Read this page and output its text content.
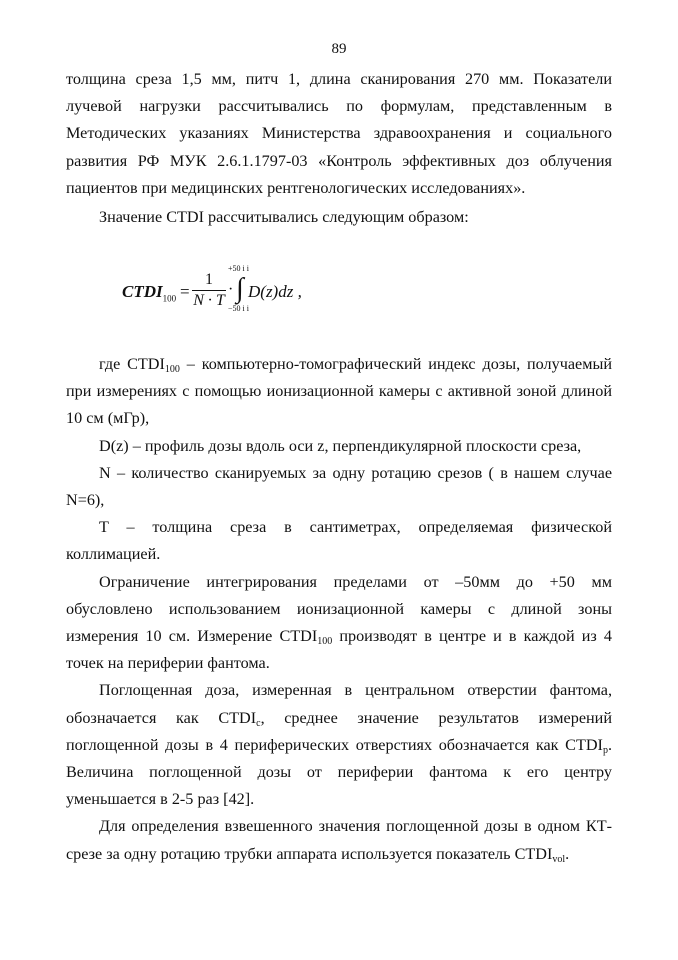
89

толщина среза 1,5 мм, питч 1, длина сканирования 270 мм. Показатели лучевой нагрузки рассчитывались по формулам, представленным в Методических указаниях Министерства здравоохранения и социального развития РФ МУК 2.6.1.1797-03 «Контроль эффективных доз облучения пациентов при медицинских рентгенологических исследованиях».

Значение CTDI рассчитывались следующим образом:

$CTDI_{100}$ =
1
N · T
·
+50 і і
∫
−50 і і
D(z)dz ,

где $CTDI_{100}$ – компьютерно-томографический индекс дозы, получаемый при измерениях с помощью ионизационной камеры с активной зоной длиной 10 см (мГр),

D(z) – профиль дозы вдоль оси z, перпендикулярной плоскости среза,

N – количество сканируемых за одну ротацию срезов ( в нашем случае N=6),

T – толщина среза в сантиметрах, определяемая физической коллимацией.

Ограничение интегрирования пределами от –50мм до +50 мм обусловлено использованием ионизационной камеры с длиной зоны измерения 10 см. Измерение $CTDI_{100}$ производят в центре и в каждой из 4 точек на периферии фантома.

Поглощенная доза, измеренная в центральном отверстии фантома, обозначается как $CTDI_c$, среднее значение результатов измерений поглощенной дозы в 4 периферических отверстиях обозначается как $CTDI_p$. Величина поглощенной дозы от периферии фантома к его центру уменьшается в 2-5 раз [42].

Для определения взвешенного значения поглощенной дозы в одном КТ-срезе за одну ротацию трубки аппарата используется показатель $CTDI_{vol}$.
